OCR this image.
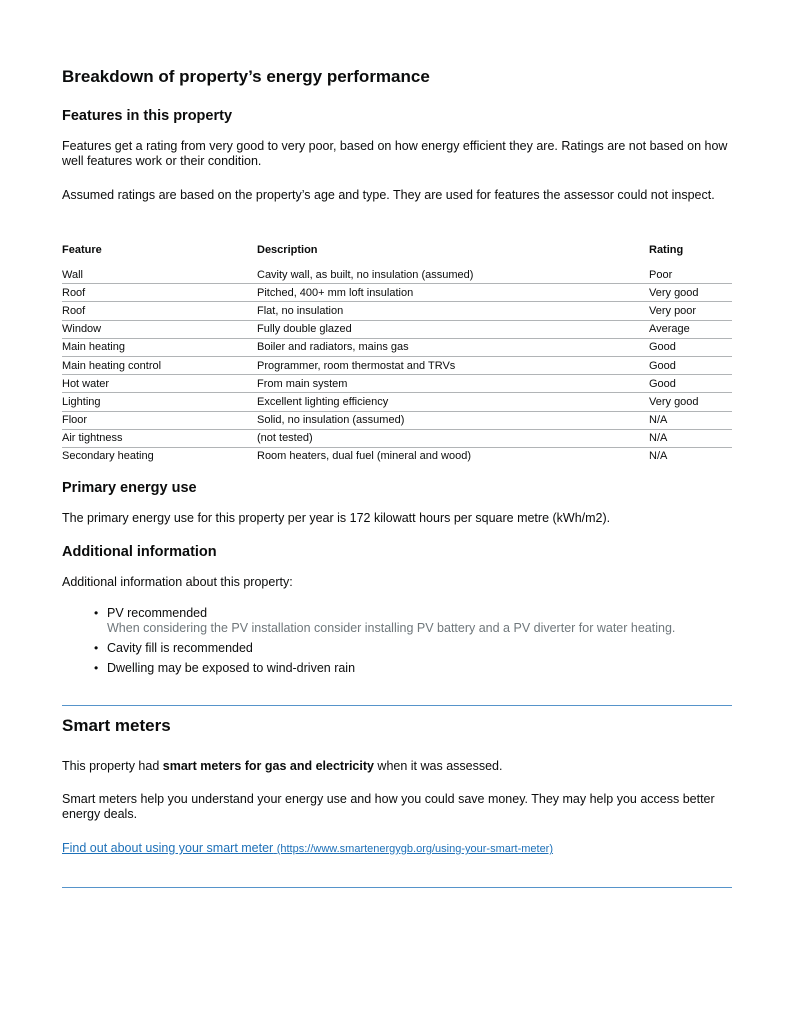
Breakdown of property’s energy performance
Features in this property
Features get a rating from very good to very poor, based on how energy efficient they are. Ratings are not based on how well features work or their condition.
Assumed ratings are based on the property’s age and type. They are used for features the assessor could not inspect.
Feature	Description	Rating
Wall	Cavity wall, as built, no insulation (assumed)	Poor
Roof	Pitched, 400+ mm loft insulation	Very good
Roof	Flat, no insulation	Very poor
Window	Fully double glazed	Average
Main heating	Boiler and radiators, mains gas	Good
Main heating control	Programmer, room thermostat and TRVs	Good
Hot water	From main system	Good
Lighting	Excellent lighting efficiency	Very good
Floor	Solid, no insulation (assumed)	N/A
Air tightness	(not tested)	N/A
Secondary heating	Room heaters, dual fuel (mineral and wood)	N/A
Primary energy use
The primary energy use for this property per year is 172 kilowatt hours per square metre (kWh/m2).
Additional information
Additional information about this property:
• PV recommended
When considering the PV installation consider installing PV battery and a PV diverter for water heating.
• Cavity fill is recommended
• Dwelling may be exposed to wind-driven rain
Smart meters
This property had smart meters for gas and electricity when it was assessed.
Smart meters help you understand your energy use and how you could save money. They may help you access better energy deals.
Find out about using your smart meter (https://www.smartenergygb.org/using-your-smart-meter)
